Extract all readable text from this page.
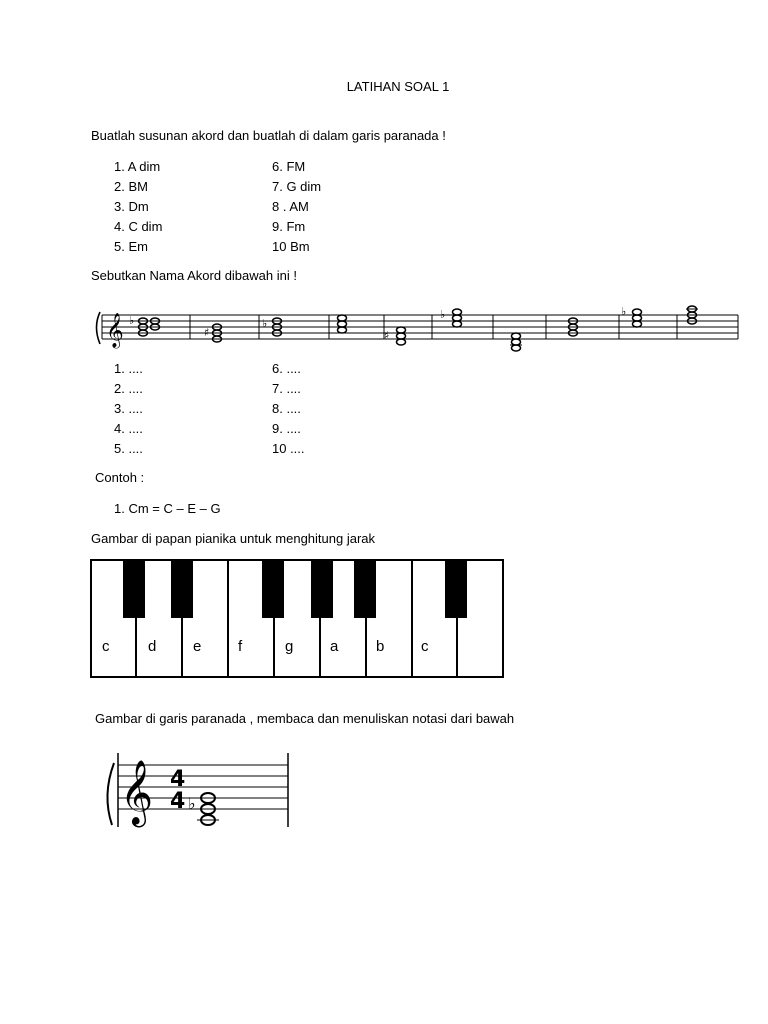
LATIHAN SOAL 1
Buatlah susunan akord dan buatlah di dalam garis paranada !
1. A dim
2. BM
3. Dm
4. C dim
5. Em
6. FM
7. G dim
8 . AM
9. Fm
10 Bm
Sebutkan Nama Akord dibawah ini !
𝄞 ♭
♯
♭
♯
♭	♭
1. ....
2. ....
3. ....
4. ....
5. ....
6. ....
7. ....
8. ....
9. ....
10 ....
Contoh :
1. Cm = C – E – G
Gambar di papan pianika untuk menghitung jarak
c	d e f	g a	b c
Gambar di garis paranada , membaca dan menuliskan notasi dari bawah
𝄞 4
4 ♭
